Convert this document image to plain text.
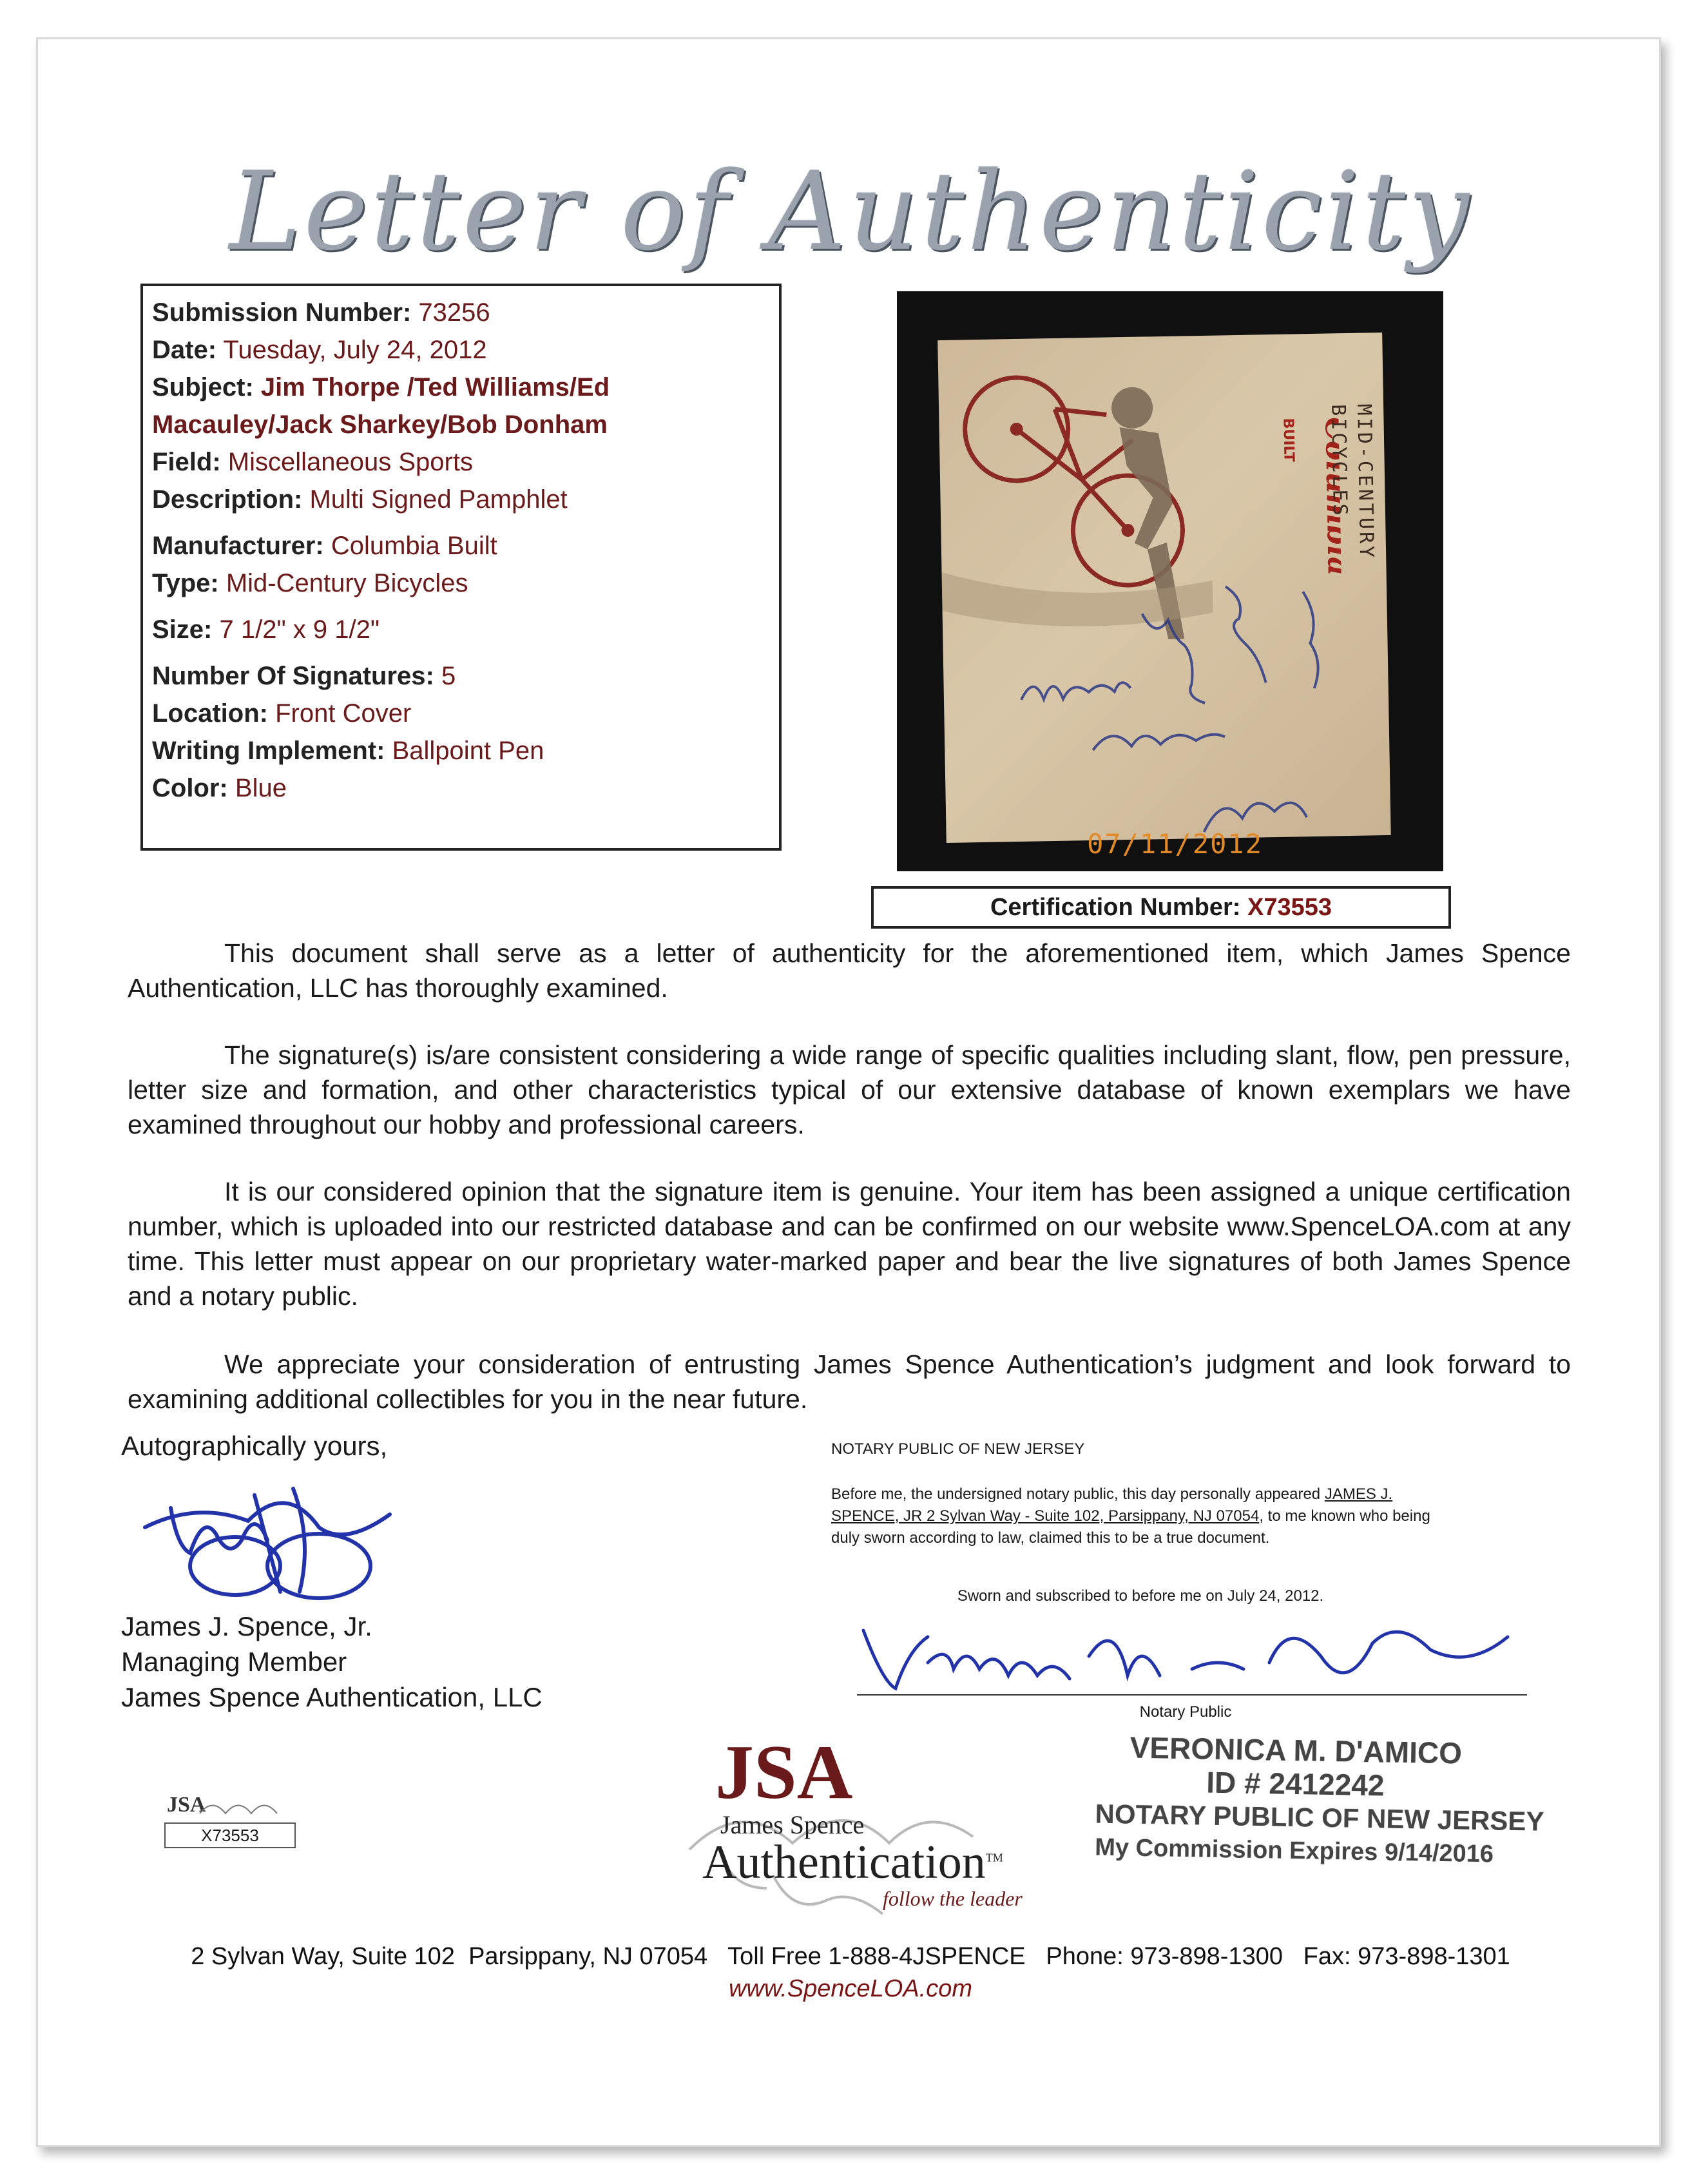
Letter of Authenticity
Submission Number: 73256
Date: Tuesday, July 24, 2012
Subject: Jim Thorpe /Ted Williams/Ed Macauley/Jack Sharkey/Bob Donham
Field: Miscellaneous Sports
Description: Multi Signed Pamphlet
Manufacturer: Columbia Built
Type: Mid-Century Bicycles
Size: 7 1/2" x 9 1/2"
Number Of Signatures: 5
Location: Front Cover
Writing Implement: Ballpoint Pen
Color: Blue
Columbia
BUILT	MID-CENTURY
BICYCLES
07/11/2012
Certification Number: X73553
This document shall serve as a letter of authenticity for the aforementioned item, which James Spence Authentication, LLC has thoroughly examined.
The signature(s) is/are consistent considering a wide range of specific qualities including slant, flow, pen pressure, letter size and formation, and other characteristics typical of our extensive database of known exemplars we have examined throughout our hobby and professional careers.
It is our considered opinion that the signature item is genuine. Your item has been assigned a unique certification number, which is uploaded into our restricted database and can be confirmed on our website www.SpenceLOA.com at any time. This letter must appear on our proprietary water-marked paper and bear the live signatures of both James Spence and a notary public.
We appreciate your consideration of entrusting James Spence Authentication’s judgment and look forward to examining additional collectibles for you in the near future.
Autographically yours,
James J. Spence, Jr.
Managing Member
James Spence Authentication, LLC
NOTARY PUBLIC OF NEW JERSEY
Before me, the undersigned notary public, this day personally appeared JAMES J. SPENCE, JR 2 Sylvan Way - Suite 102, Parsippany, NJ 07054, to me known who being duly sworn according to law, claimed this to be a true document.
Sworn and subscribed to before me on July 24, 2012.
Notary Public
VERONICA M. D'AMICO
ID # 2412242
NOTARY PUBLIC OF NEW JERSEY
My Commission Expires 9/14/2016
JSA
X73553
JSA
James Spence
Authentication™
follow the leader
2 Sylvan Way, Suite 102  Parsippany, NJ 07054 Toll Free 1-888-4JSPENCE Phone: 973-898-1300 Fax: 973-898-1301
www.SpenceLOA.com
